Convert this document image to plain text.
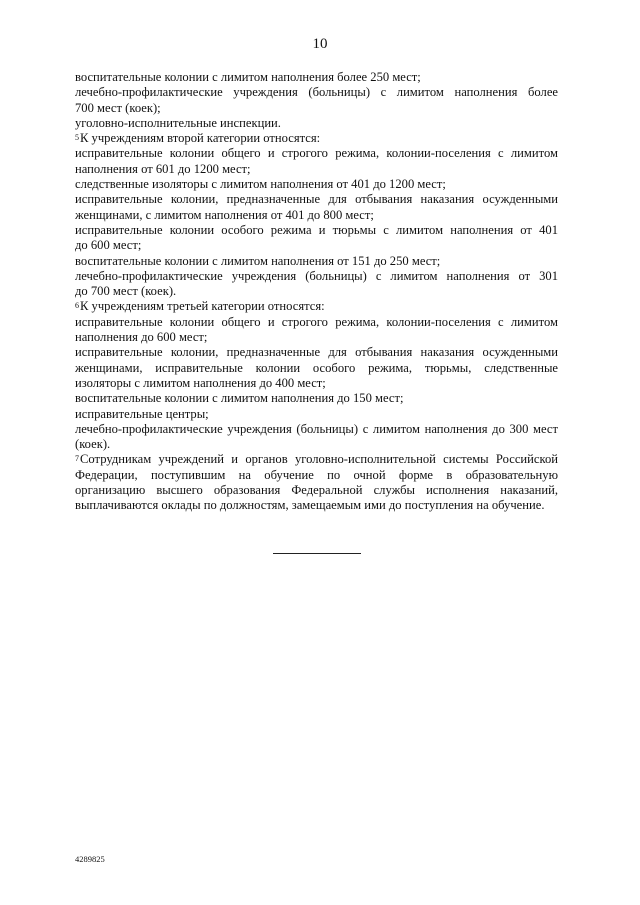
10
воспитательные колонии с лимитом наполнения более 250 мест;
лечебно-профилактические учреждения (больницы) с лимитом наполнения более
700 мест (коек);
уголовно-исполнительные инспекции.
$^5$К учреждениям второй категории относятся:
исправительные колонии общего и строгого режима, колонии-поселения с лимитом
наполнения от 601 до 1200 мест;
следственные изоляторы с лимитом наполнения от 401 до 1200 мест;
исправительные колонии, предназначенные для отбывания наказания осужденными
женщинами, с лимитом наполнения от 401 до 800 мест;
исправительные колонии особого режима и тюрьмы с лимитом наполнения от 401
до 600 мест;
воспитательные колонии с лимитом наполнения от 151 до 250 мест;
лечебно-профилактические учреждения (больницы) с лимитом наполнения от 301
до 700 мест (коек).
$^6$К учреждениям третьей категории относятся:
исправительные колонии общего и строгого режима, колонии-поселения с лимитом
наполнения до 600 мест;
исправительные колонии, предназначенные для отбывания наказания осужденными
женщинами, исправительные колонии особого режима, тюрьмы, следственные
изоляторы с лимитом наполнения до 400 мест;
воспитательные колонии с лимитом наполнения до 150 мест;
исправительные центры;
лечебно-профилактические учреждения (больницы) с лимитом наполнения до 300 мест
(коек).
$^7$Сотрудникам учреждений и органов уголовно-исполнительной системы Российской
Федерации, поступившим на обучение по очной форме в образовательную
организацию высшего образования Федеральной службы исполнения наказаний,
выплачиваются оклады по должностям, замещаемым ими до поступления на обучение.
4289825
